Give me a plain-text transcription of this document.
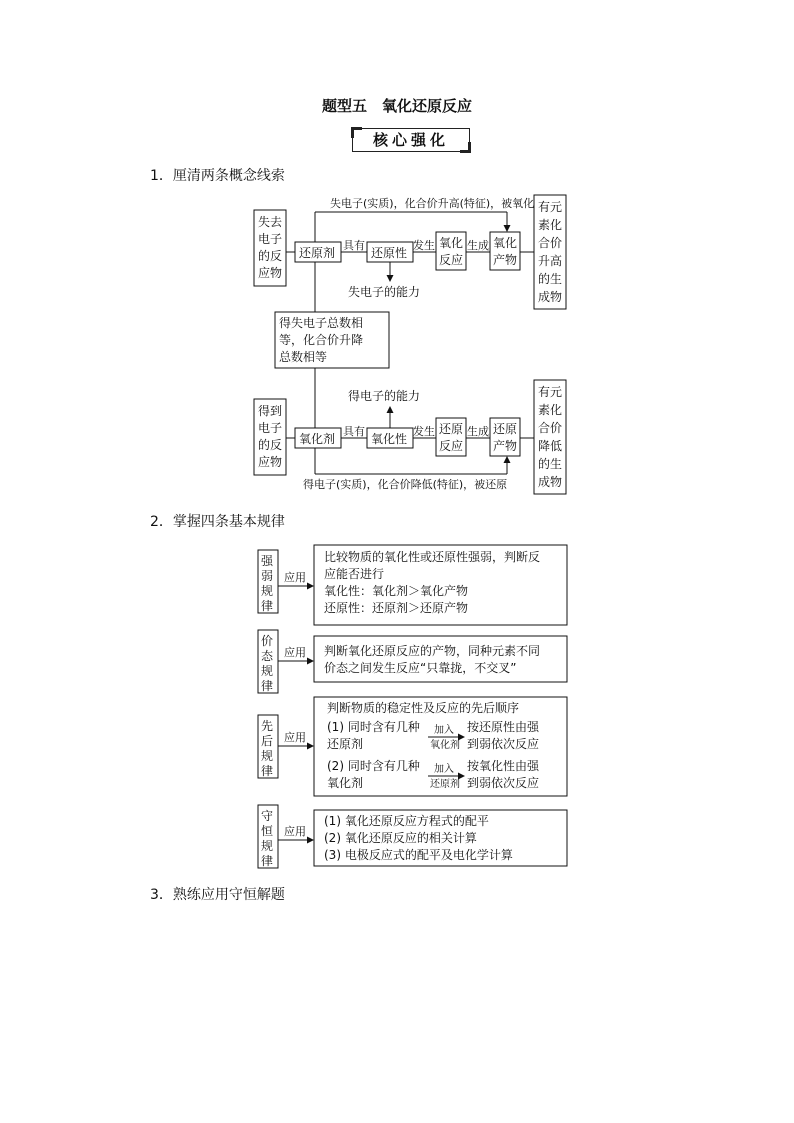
题型五　氧化还原反应
核心强化
1．厘清两条概念线索
2．掌握四条基本规律
3．熟练应用守恒解题
失电子(实质)，化合价升高(特征)，被氧化
得电子(实质)，化合价降低(特征)，被还原
失去
电子
的反
应物
有元
素化
合价
升高
的生
成物
还原剂
具有
还原性
发生 氧化
反应
生成 氧化
产物
失电子的能力
得失电子总数相
等，化合价升降
总数相等
得电子的能力
得到
电子
的反
应物
有元
素化
合价
降低
的生
成物
氧化剂
具有
氧化性
发生 还原
反应
生成 还原
产物
强
弱
规
律
应用
比较物质的氧化性或还原性强弱，判断反
应能否进行
氧化性：氧化剂＞氧化产物
还原性：还原剂＞还原产物
价
态
规
律
应用 判断氧化还原反应的产物，同种元素不同
价态之间发生反应“只靠拢，不交叉”
先
后
规
律
应用
判断物质的稳定性及反应的先后顺序
(1) 同时含有几种
还原剂
加入
氧化剂
按还原性由强
到弱依次反应
(2) 同时含有几种
氧化剂
加入
还原剂
按氧化性由强
到弱依次反应
守
恒
规
律
应用
(1) 氧化还原反应方程式的配平
(2) 氧化还原反应的相关计算
(3) 电极反应式的配平及电化学计算
